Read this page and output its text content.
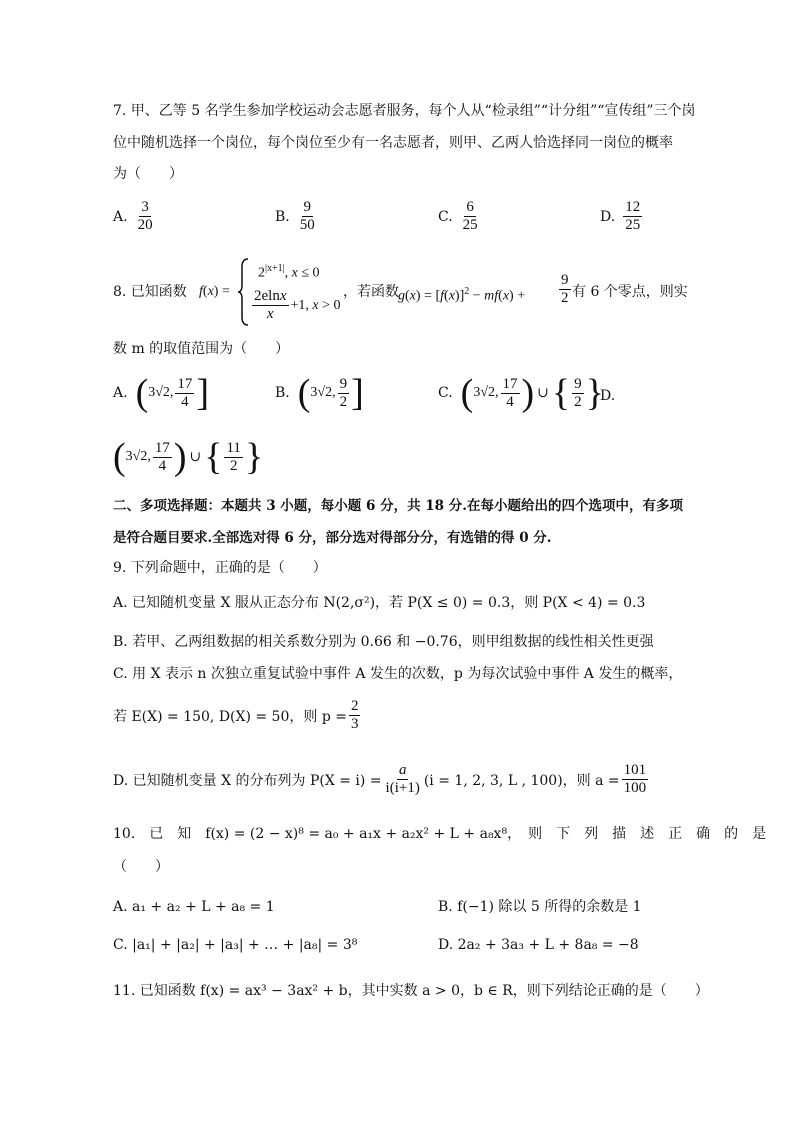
7. 甲、乙等 5 名学生参加学校运动会志愿者服务，每个人从“检录组”“计分组”“宣传组”三个岗
位中随机选择一个岗位，每个岗位至少有一名志愿者，则甲、乙两人恰选择同一岗位的概率
为（　　）
A. $\frac{3}{20}$	B. $\frac{9}{50}$	C. $\frac{6}{25}$	D. $\frac{12}{25}$
8. 已知函数 f(x) =
$2^{|x+1|}$, x ≤ 0
$\frac{2elnx}{x} +1$, x > 0
，若函数 $g(x) = [f(x)]^2 - mf(x) + \frac{9}{2}$ 有 6 个零点，则实
数 m 的取值范围为（　　）
A. ( 3√2, $\frac{17}{4}$ ]	B. ( 3√2, $\frac{9}{2}$ ]	C. ( 3√2, $\frac{17}{4}$ ) ∪ { $\frac{9}{2}$ }
D.
( 3√2, $\frac{17}{4}$ ) ∪ { $\frac{11}{2}$ }
二、多项选择题：本题共 3 小题，每小题 6 分，共 18 分.在每小题给出的四个选项中，有多项
是符合题目要求.全部选对得 6 分，部分选对得部分分，有选错的得 0 分.
9. 下列命题中，正确的是（　　）
A. 已知随机变量 X 服从正态分布 N(2,σ²)，若 P(X ≤ 0) = 0.3，则 P(X < 4) = 0.3
B. 若甲、乙两组数据的相关系数分别为 0.66 和 −0.76，则甲组数据的线性相关性更强
C. 用 X 表示 n 次独立重复试验中事件 A 发生的次数，p 为每次试验中事件 A 发生的概率，
若 E(X) = 150, D(X) = 50，则 $p = \frac{2}{3}$
D. 已知随机变量 X 的分布列为 $P(X = i) = \frac{a}{i(i+1)} (i = 1$, 2, 3, L , 100)，则 $a = \frac{101}{100}$
10.　已　知　f(x) = (2 − x)⁸ = a₀ + a₁x + a₂x² + L + a₈x⁸，　则　下　列　描　述　正　确　的　是
（　　）
A. a₁ + a₂ + L + a₈ = 1	B. f(−1) 除以 5 所得的余数是 1
C. |a₁| + |a₂| + |a₃| + … + |a₈| = 3⁸	D. 2a₂ + 3a₃ + L + 8a₈ = −8
11. 已知函数 f(x) = ax³ − 3ax² + b，其中实数 a > 0，b ∈ R，则下列结论正确的是（　　）
